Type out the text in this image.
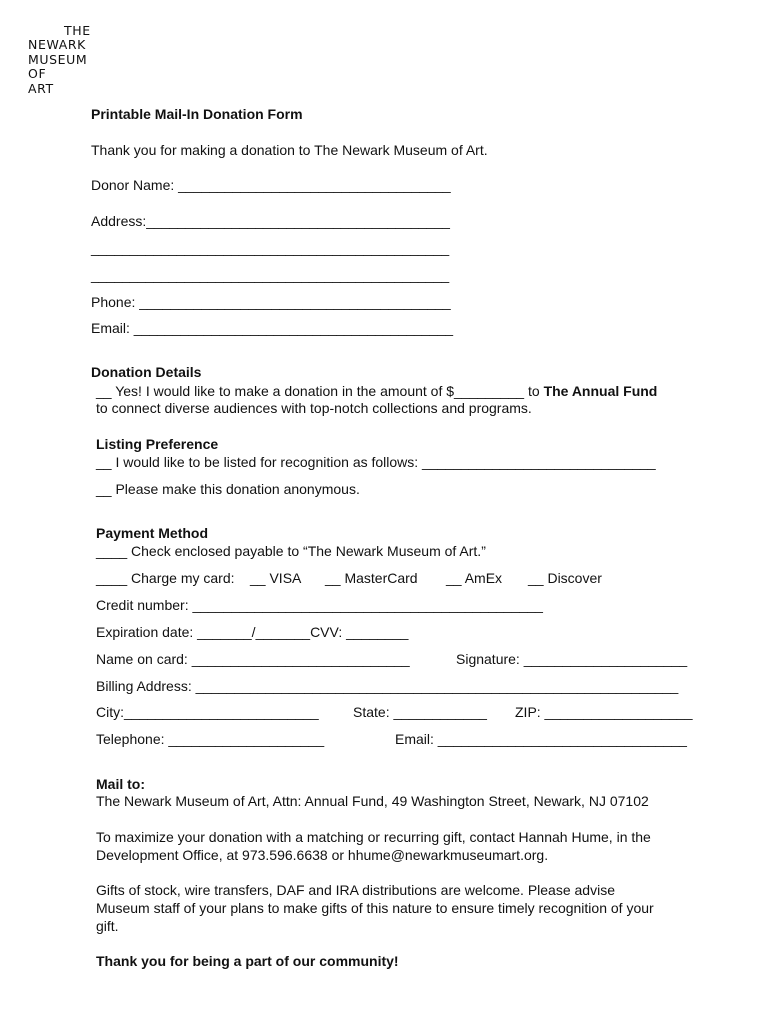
THE
NEWARK
MUSEUM
OF
ART
Printable Mail-In Donation Form
Thank you for making a donation to The Newark Museum of Art.
Donor Name: ___________________________________
Address:_______________________________________
______________________________________________
______________________________________________
Phone: ________________________________________
Email: _________________________________________
Donation Details
__ Yes! I would like to make a donation in the amount of $_________ to The Annual Fund
to connect diverse audiences with top-notch collections and programs.
Listing Preference
__ I would like to be listed for recognition as follows: ______________________________
__ Please make this donation anonymous.
Payment Method
____ Check enclosed payable to “The Newark Museum of Art.”
____ Charge my card: __ VISA __ MasterCard __ AmEx __ Discover
Credit number: _____________________________________________
Expiration date: _______/_______CVV: ________
Name on card: ____________________________	Signature: _____________________
Billing Address: ______________________________________________________________
City:_________________________ State: ____________ ZIP: ___________________
Telephone: ____________________	Email: ________________________________
Mail to:
The Newark Museum of Art, Attn: Annual Fund, 49 Washington Street, Newark, NJ 07102
To maximize your donation with a matching or recurring gift, contact Hannah Hume, in the
Development Office, at 973.596.6638 or hhume@newarkmuseumart.org.
Gifts of stock, wire transfers, DAF and IRA distributions are welcome. Please advise
Museum staff of your plans to make gifts of this nature to ensure timely recognition of your
gift.
Thank you for being a part of our community!
